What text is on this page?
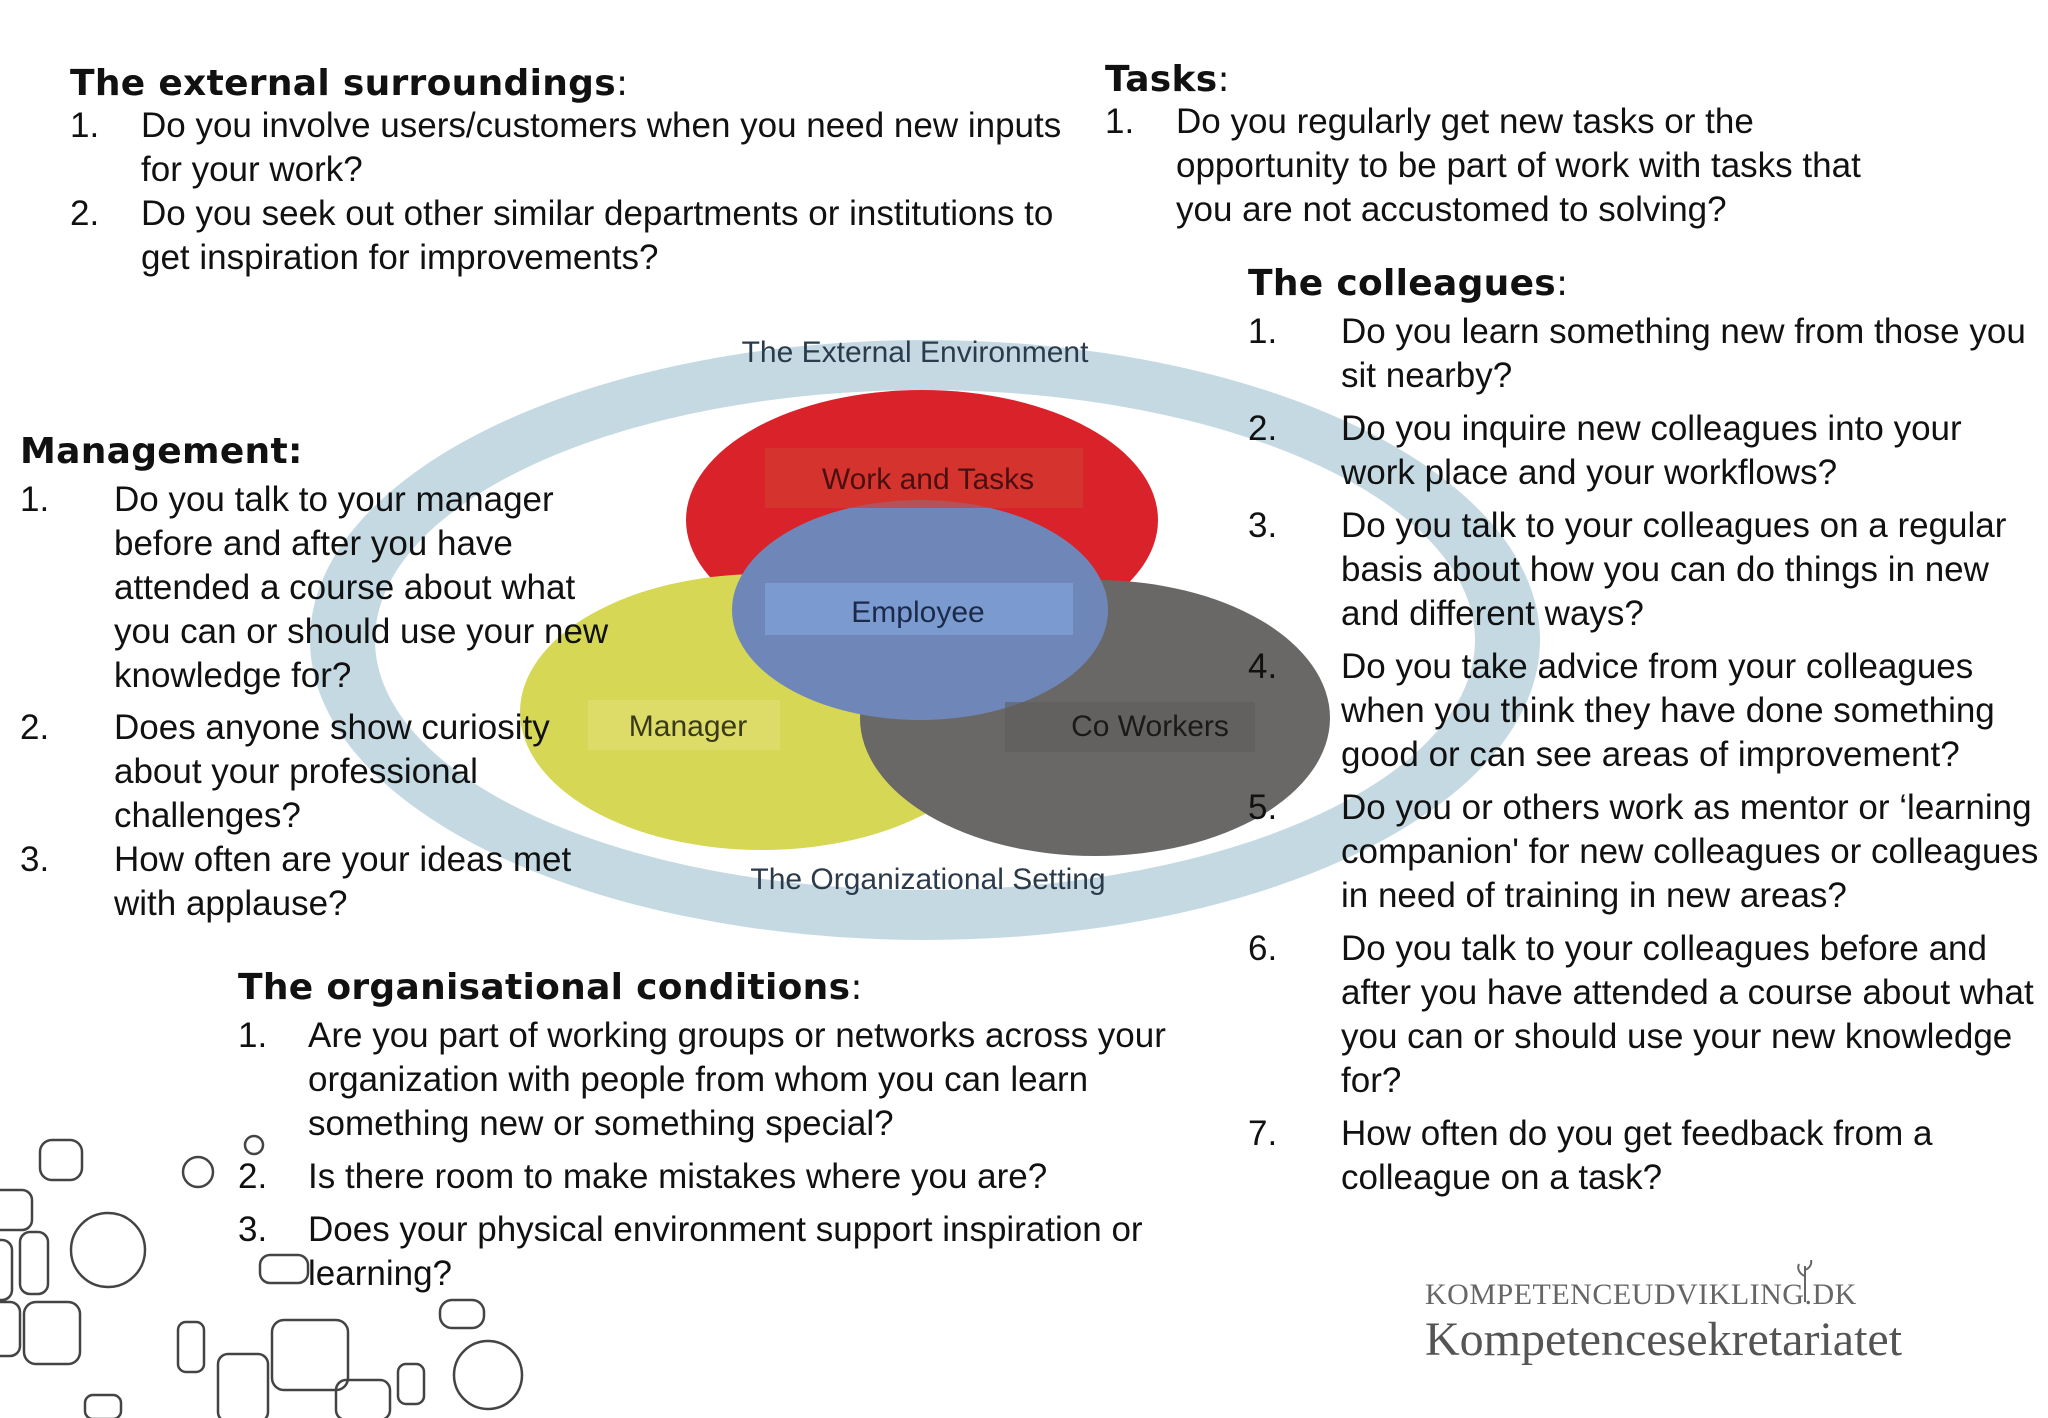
The External Environment
Work and Tasks
Employee
Manager	Co Workers
The Organizational Setting
The external surroundings:
1. Do you involve users/customers when you need new inputs for your work?
2. Do you seek out other similar departments or institutions to get inspiration for improvements?
Tasks:
1. Do you regularly get new tasks or the opportunity to be part of work with tasks that you are not accustomed to solving?
The colleagues:
1. Do you learn something new from those you sit nearby?
2. Do you inquire new colleagues into your work place and your workflows?
3. Do you talk to your colleagues on a regular basis about how you can do things in new and different ways?
4. Do you take advice from your colleagues when you think they have done something good or can see areas of improvement?
5. Do you or others work as mentor or ‘learning companion' for new colleagues or colleagues in need of training in new areas?
6. Do you talk to your colleagues before and after you have attended a course about what you can or should use your new knowledge for?
7. How often do you get feedback from a colleague on a task?
Management:
1. Do you talk to your manager before and after you have attended a course about what you can or should use your new knowledge for?
2. Does anyone show curiosity about your professional challenges?
3. How often are your ideas met with applause?
The organisational conditions:
1. Are you part of working groups or networks across your organization with people from whom you can learn something new or something special?
2. Is there room to make mistakes where you are?
3. Does your physical environment support inspiration or learning?
KOMPETENCEUDVIKLING.DK
Kompetencesekretariatet
